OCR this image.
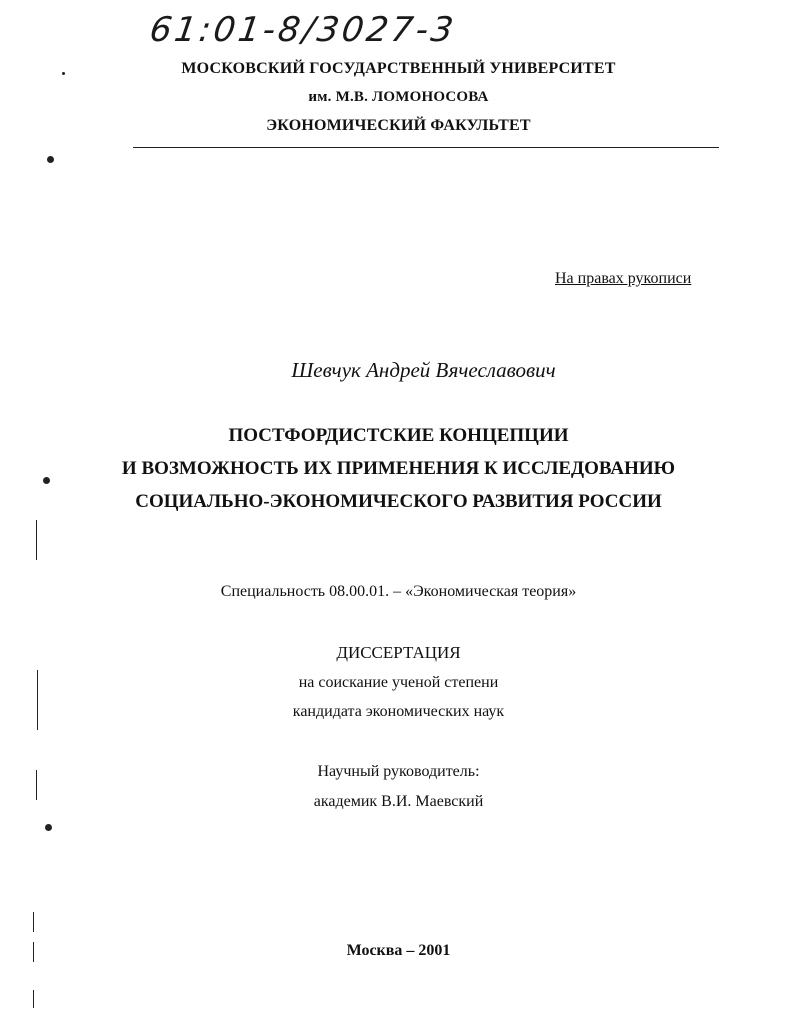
61:01-8/3027-3
МОСКОВСКИЙ ГОСУДАРСТВЕННЫЙ УНИВЕРСИТЕТ
им. М.В. ЛОМОНОСОВА
ЭКОНОМИЧЕСКИЙ ФАКУЛЬТЕТ
На правах рукописи
Шевчук Андрей Вячеславович
ПОСТФОРДИСТСКИЕ КОНЦЕПЦИИ
И ВОЗМОЖНОСТЬ ИХ ПРИМЕНЕНИЯ К ИССЛЕДОВАНИЮ
СОЦИАЛЬНО-ЭКОНОМИЧЕСКОГО РАЗВИТИЯ РОССИИ
Специальность 08.00.01. – «Экономическая теория»
ДИССЕРТАЦИЯ
на соискание ученой степени
кандидата экономических наук
Научный руководитель:
академик В.И. Маевский
Москва – 2001
